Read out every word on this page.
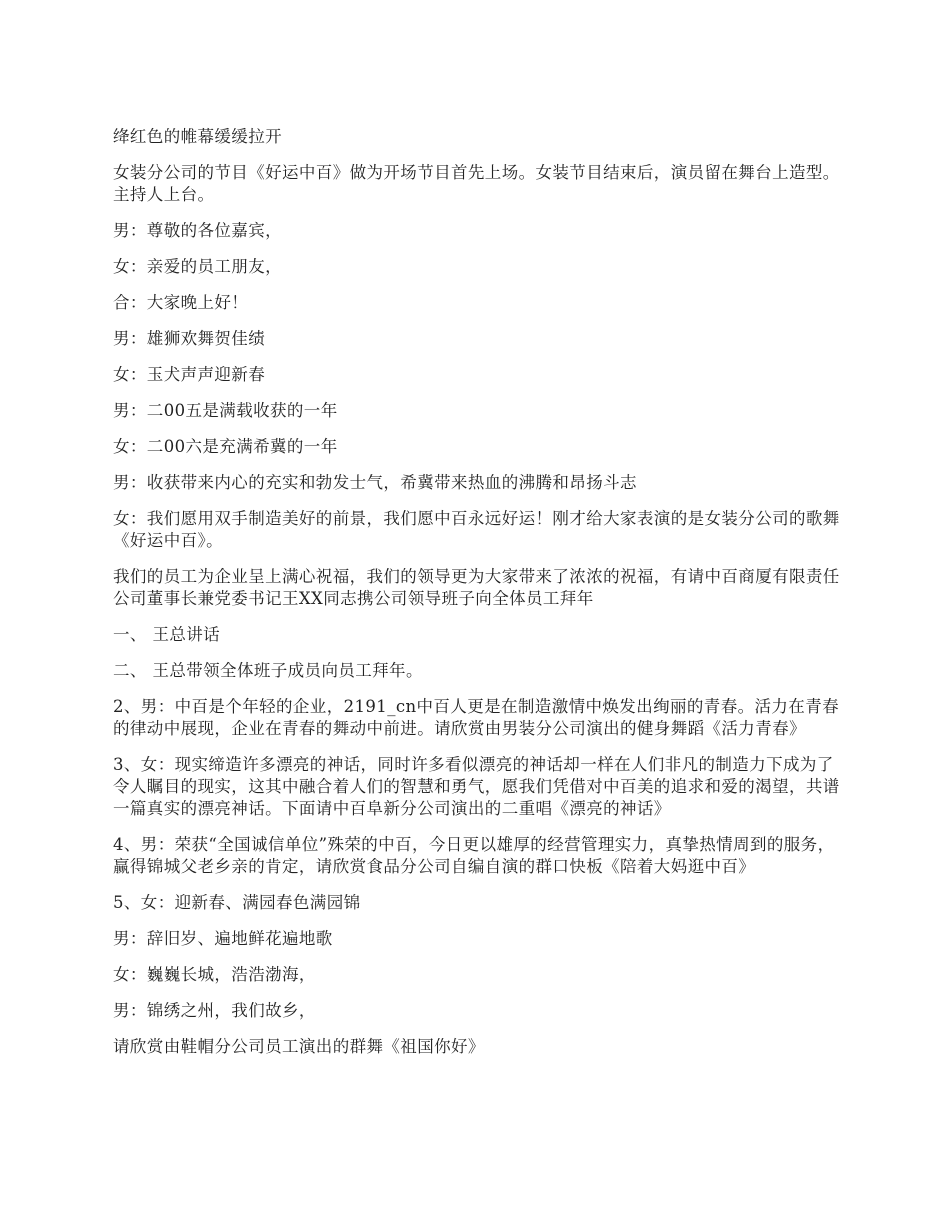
绛红色的帷幕缓缓拉开

女装分公司的节目《好运中百》做为开场节目首先上场。女装节目结束后，演员留在舞台上造型。主持人上台。

男：尊敬的各位嘉宾，

女：亲爱的员工朋友，

合：大家晚上好！

男：雄狮欢舞贺佳绩

女：玉犬声声迎新春

男：二00五是满载收获的一年

女：二00六是充满希冀的一年

男：收获带来内心的充实和勃发士气，希冀带来热血的沸腾和昂扬斗志

女：我们愿用双手制造美好的前景，我们愿中百永远好运！刚才给大家表演的是女装分公司的歌舞《好运中百》。

我们的员工为企业呈上满心祝福，我们的领导更为大家带来了浓浓的祝福，有请中百商厦有限责任公司董事长兼党委书记王XX同志携公司领导班子向全体员工拜年

一、 王总讲话

二、 王总带领全体班子成员向员工拜年。

2、男：中百是个年轻的企业，2191_cn中百人更是在制造激情中焕发出绚丽的青春。活力在青春的律动中展现，企业在青春的舞动中前进。请欣赏由男装分公司演出的健身舞蹈《活力青春》

3、女：现实缔造许多漂亮的神话，同时许多看似漂亮的神话却一样在人们非凡的制造力下成为了令人瞩目的现实，这其中融合着人们的智慧和勇气，愿我们凭借对中百美的追求和爱的渴望，共谱一篇真实的漂亮神话。下面请中百阜新分公司演出的二重唱《漂亮的神话》

4、男：荣获“全国诚信单位”殊荣的中百，今日更以雄厚的经营管理实力，真挚热情周到的服务，赢得锦城父老乡亲的肯定，请欣赏食品分公司自编自演的群口快板《陪着大妈逛中百》

5、女：迎新春、满园春色满园锦

男：辞旧岁、遍地鲜花遍地歌

女：巍巍长城，浩浩渤海，

男：锦绣之州，我们故乡，

请欣赏由鞋帽分公司员工演出的群舞《祖国你好》
